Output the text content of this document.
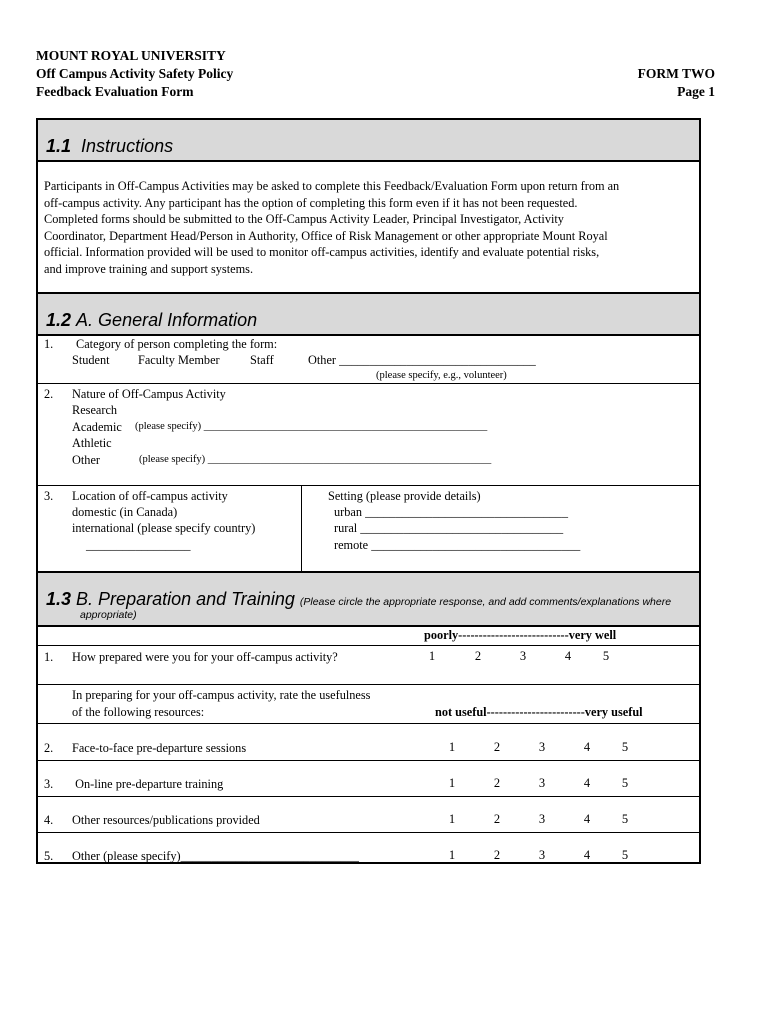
MOUNT ROYAL UNIVERSITY
Off Campus Activity Safety Policy
Feedback Evaluation Form
FORM TWO
Page 1
1.1 Instructions
Participants in Off-Campus Activities may be asked to complete this Feedback/Evaluation Form upon return from an
off-campus activity. Any participant has the option of completing this form even if it has not been requested.
Completed forms should be submitted to the Off-Campus Activity Leader, Principal Investigator, Activity
Coordinator, Department Head/Person in Authority, Office of Risk Management or other appropriate Mount Royal
official. Information provided will be used to monitor off-campus activities, identify and evaluate potential risks,
and improve training and support systems.
1.2 A. General Information
1. Category of person completing the form:
Student Faculty Member Staff	Other ________________________________
(please specify, e.g., volunteer)
2. Nature of Off-Campus Activity
Research
Academic (please specify) ______________________________________________________
Athletic
Other	(please specify) ______________________________________________________
3. Location of off-campus activity
domestic (in Canada)
international (please specify country)
_________________
Setting (please provide details)
urban _________________________________
rural _________________________________
remote __________________________________
1.3 B. Preparation and Training (Please circle the appropriate response, and add comments/explanations where
appropriate)
poorly---------------------------very well
1. How prepared were you for your off-campus activity?	1	2	3	4	5
In preparing for your off-campus activity, rate the usefulness
of the following resources:	not useful------------------------very useful
2. Face-to-face pre-departure sessions	1	2	3	4	5
3. On-line pre-departure training	1	2	3	4	5
4. Other resources/publications provided	1	2	3	4	5
5. Other (please specify)_____________________________	1	2	3	4	5
